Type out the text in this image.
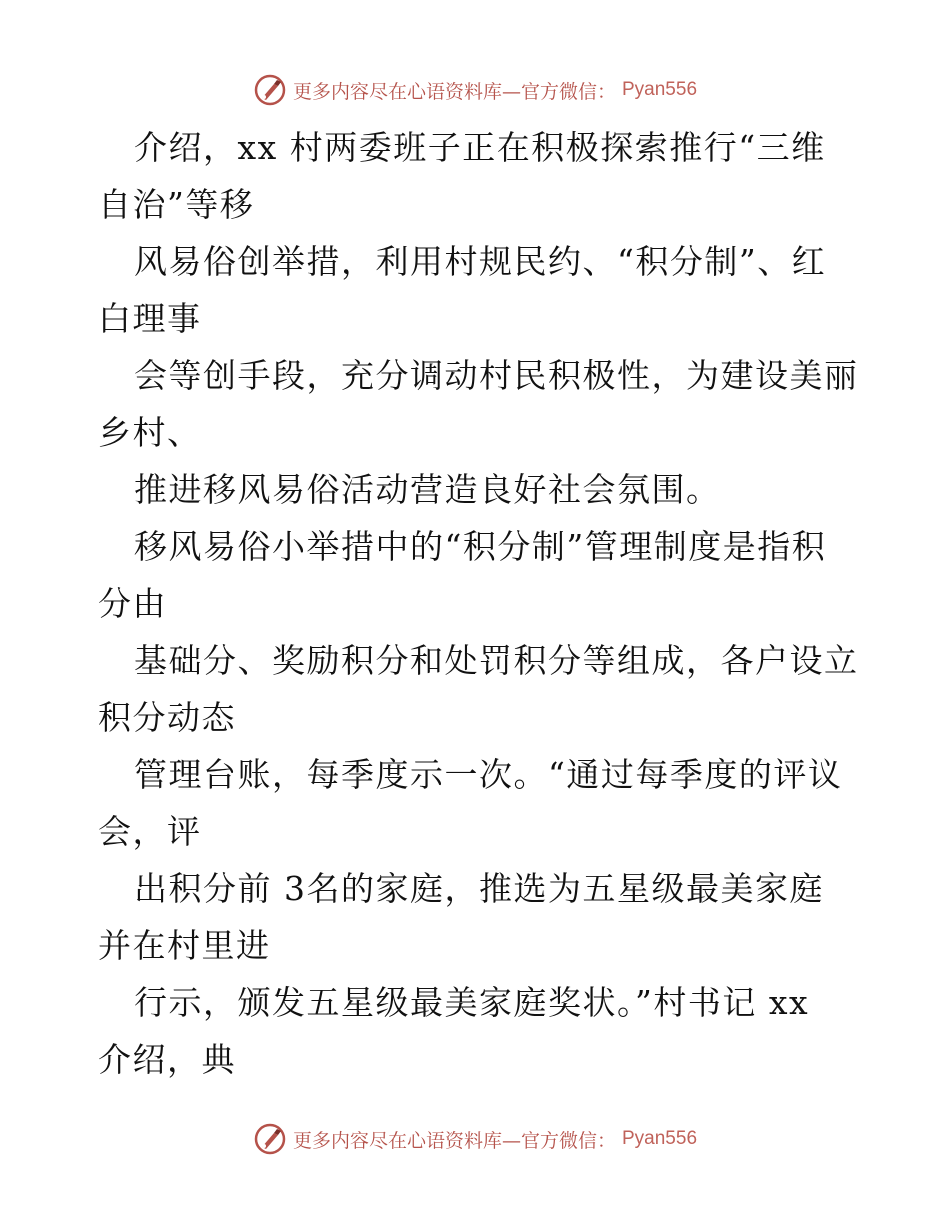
更多内容尽在心语资料库—官方微信： Pyan556
介绍，xx 村两委班子正在积极探索推行“三维
自治”等移
风易俗创举措，利用村规民约、“积分制”、红
白理事
会等创手段，充分调动村民积极性，为建设美丽
乡村、
推进移风易俗活动营造良好社会氛围。
移风易俗小举措中的“积分制”管理制度是指积
分由
基础分、奖励积分和处罚积分等组成，各户设立
积分动态
管理台账，每季度示一次。“通过每季度的评议
会，评
出积分前 3名的家庭，推选为五星级最美家庭
并在村里进
行示，颁发五星级最美家庭奖状。”村书记 xx
介绍，典
更多内容尽在心语资料库—官方微信： Pyan556
